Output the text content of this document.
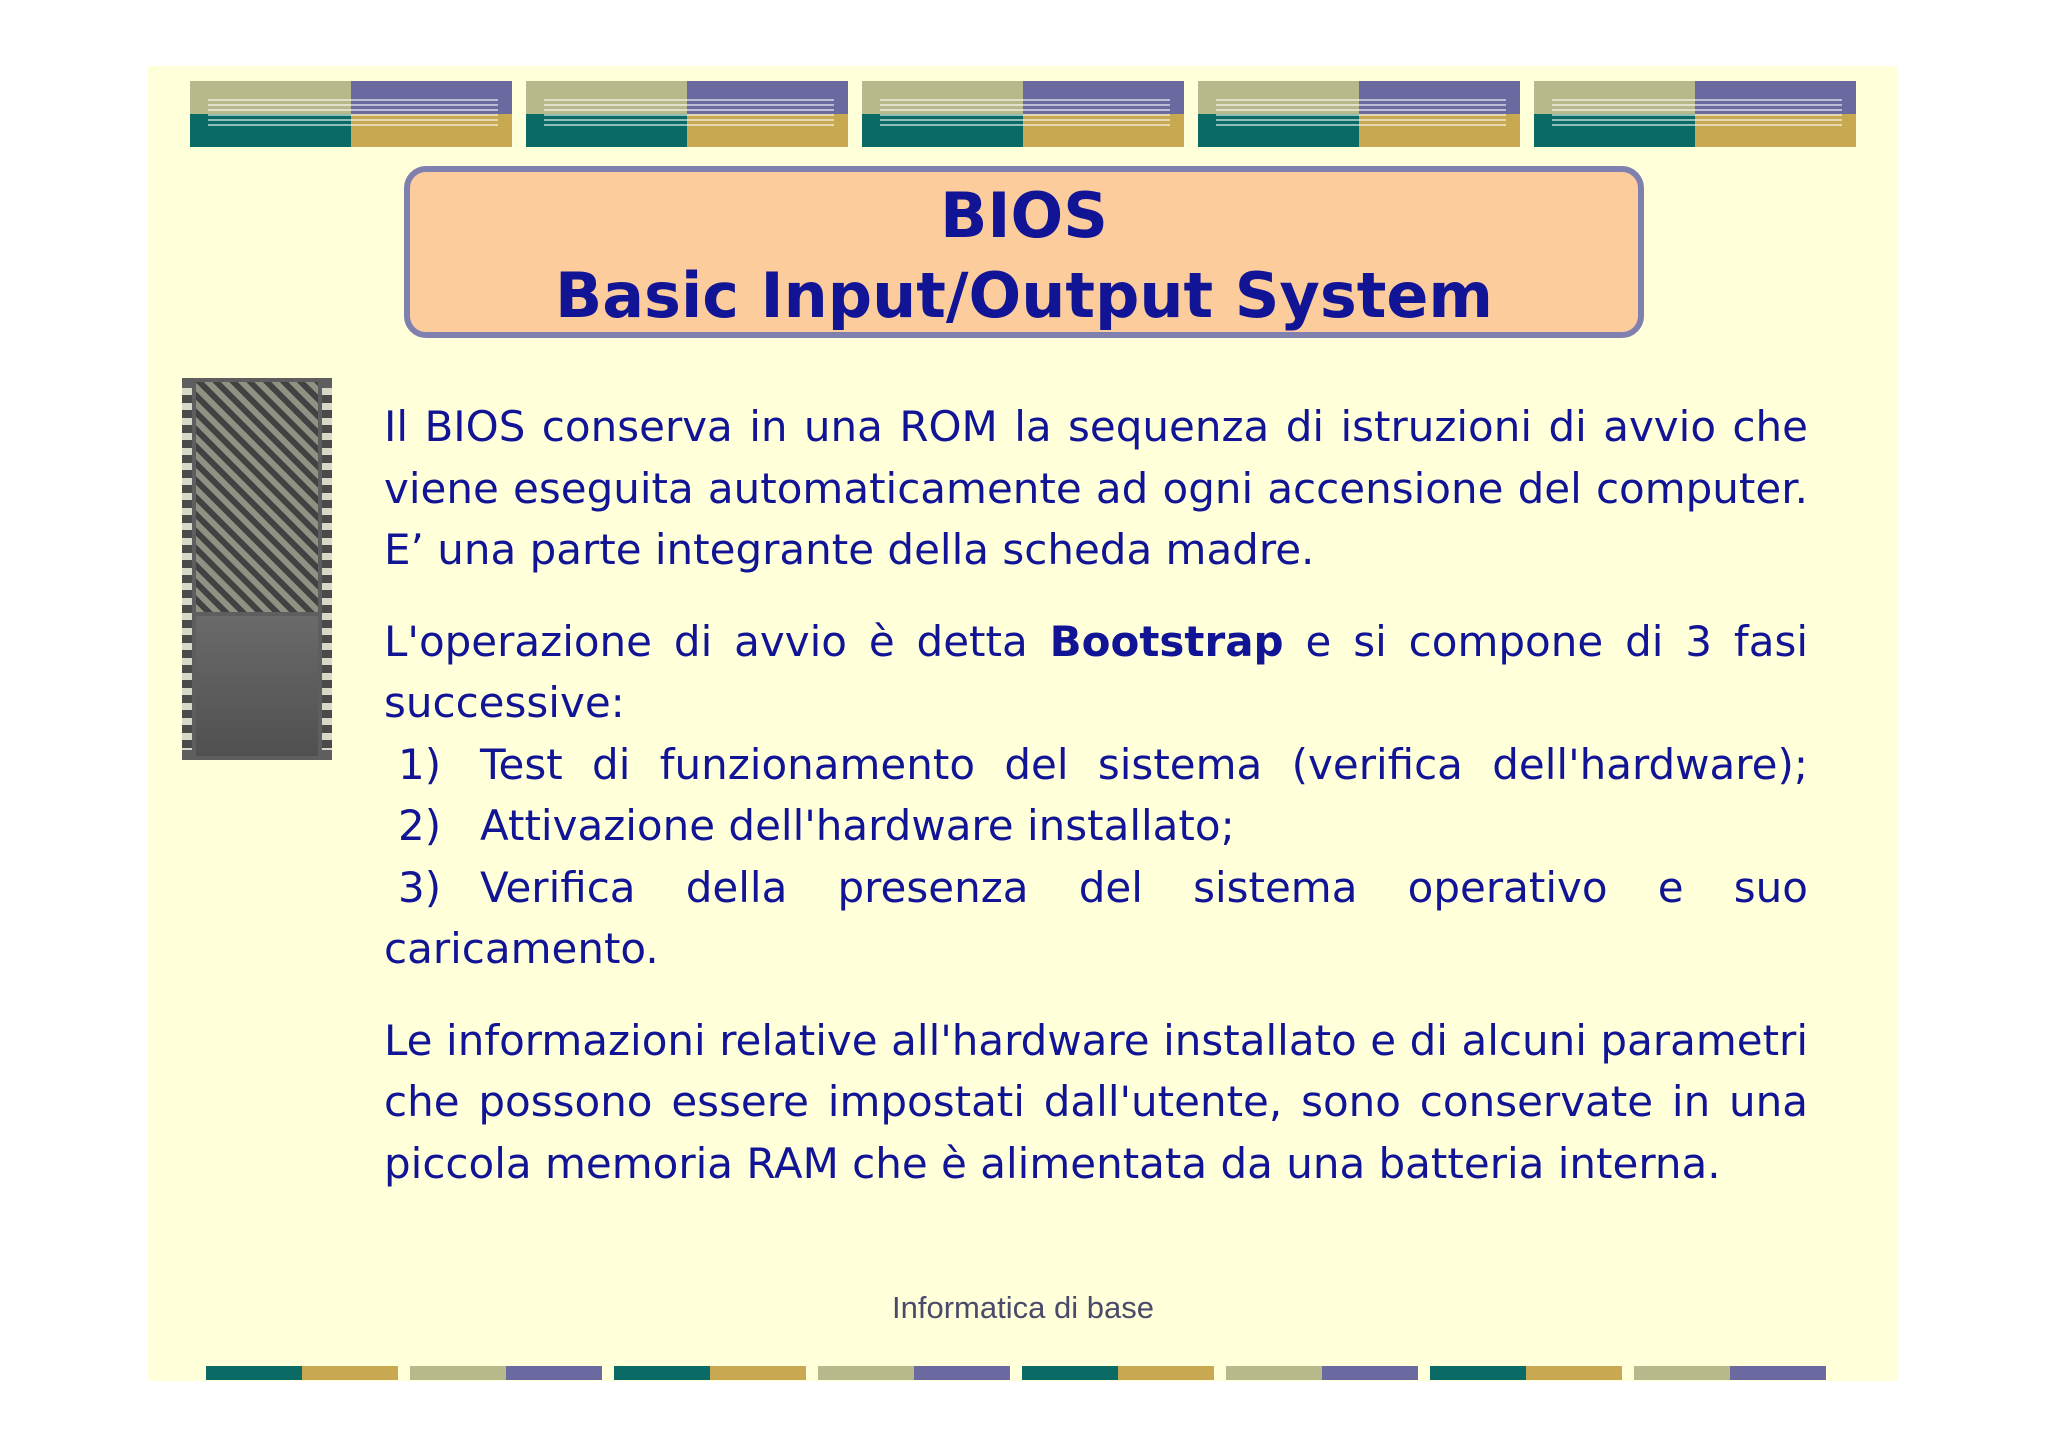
BIOS
Basic Input/Output System

Il BIOS conserva in una ROM la sequenza di istruzioni di avvio che viene eseguita automaticamente ad ogni accensione del computer. E’ una parte integrante della scheda madre.

L'operazione di avvio è detta Bootstrap e si compone di 3 fasi successive:

1) Test di funzionamento del sistema (verifica dell'hardware);
2) Attivazione dell'hardware installato;
3) Verifica della presenza del sistema operativo e suo
caricamento.

Le informazioni relative all'hardware installato e di alcuni parametri che possono essere impostati dall'utente, sono conservate in una piccola memoria RAM che è alimentata da una batteria interna.

Informatica di base
